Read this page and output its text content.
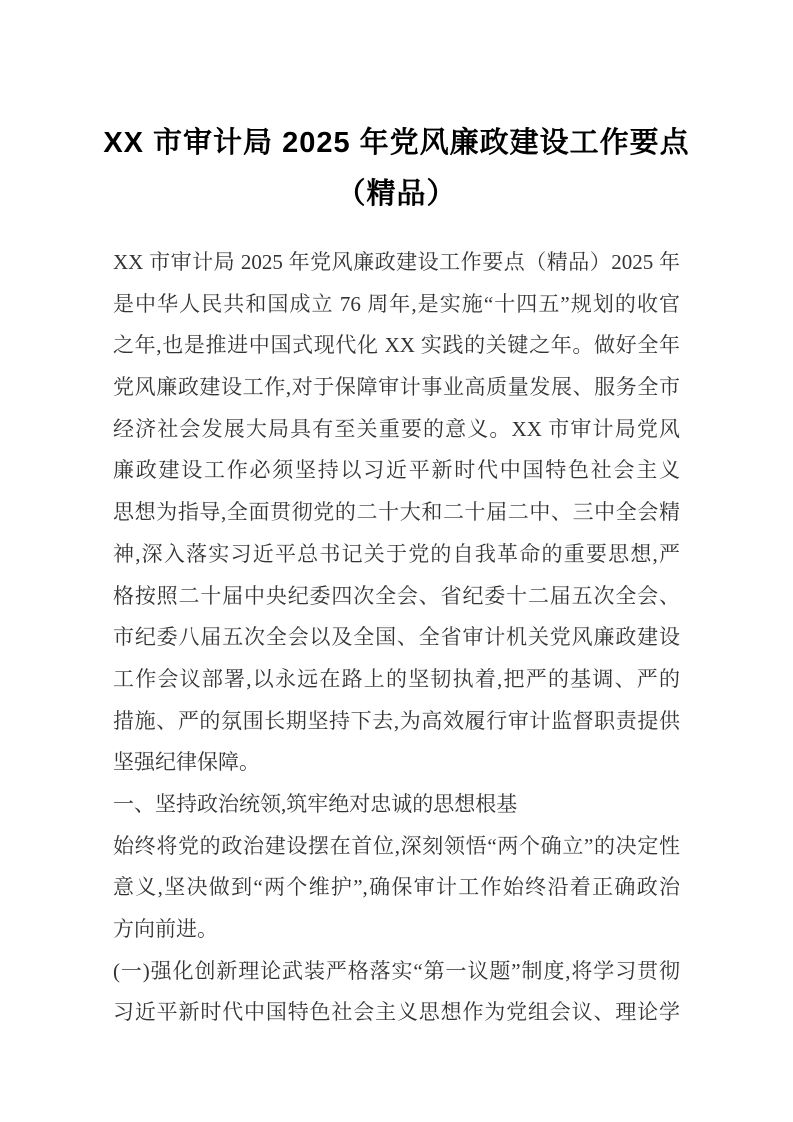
XX 市审计局 2025 年党风廉政建设工作要点
（精品）
XX 市审计局 2025 年党风廉政建设工作要点（精品）2025 年
是中华人民共和国成立 76 周年,是实施“十四五”规划的收官
之年,也是推进中国式现代化 XX 实践的关键之年。做好全年
党风廉政建设工作,对于保障审计事业高质量发展、服务全市
经济社会发展大局具有至关重要的意义。XX 市审计局党风
廉政建设工作必须坚持以习近平新时代中国特色社会主义
思想为指导,全面贯彻党的二十大和二十届二中、三中全会精
神,深入落实习近平总书记关于党的自我革命的重要思想,严
格按照二十届中央纪委四次全会、省纪委十二届五次全会、
市纪委八届五次全会以及全国、全省审计机关党风廉政建设
工作会议部署,以永远在路上的坚韧执着,把严的基调、严的
措施、严的氛围长期坚持下去,为高效履行审计监督职责提供
坚强纪律保障。
一、坚持政治统领,筑牢绝对忠诚的思想根基
始终将党的政治建设摆在首位,深刻领悟“两个确立”的决定性
意义,坚决做到“两个维护”,确保审计工作始终沿着正确政治
方向前进。
(一)强化创新理论武装严格落实“第一议题”制度,将学习贯彻
习近平新时代中国特色社会主义思想作为党组会议、理论学
